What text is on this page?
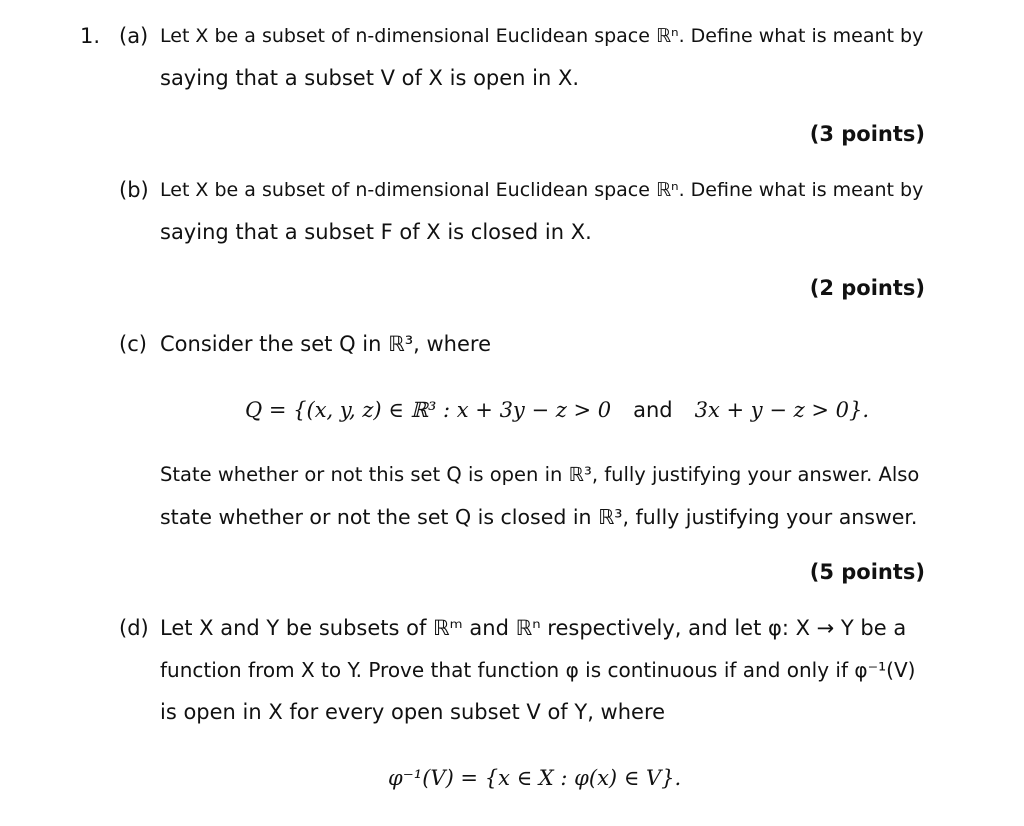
1. (a) Let X be a subset of n-dimensional Euclidean space ℝⁿ. Define what is meant by
saying that a subset V of X is open in X.
(3 points)
(b) Let X be a subset of n-dimensional Euclidean space ℝⁿ. Define what is meant by
saying that a subset F of X is closed in X.
(2 points)
(c) Consider the set Q in ℝ³, where
Q = {(x, y, z) ∈ ℝ³ : x + 3y − z > 0 and 3x + y − z > 0}.
State whether or not this set Q is open in ℝ³, fully justifying your answer. Also
state whether or not the set Q is closed in ℝ³, fully justifying your answer.
(5 points)
(d) Let X and Y be subsets of ℝᵐ and ℝⁿ respectively, and let φ: X → Y be a
function from X to Y. Prove that function φ is continuous if and only if φ⁻¹(V)
is open in X for every open subset V of Y, where
φ⁻¹(V) = {x ∈ X : φ(x) ∈ V}.
